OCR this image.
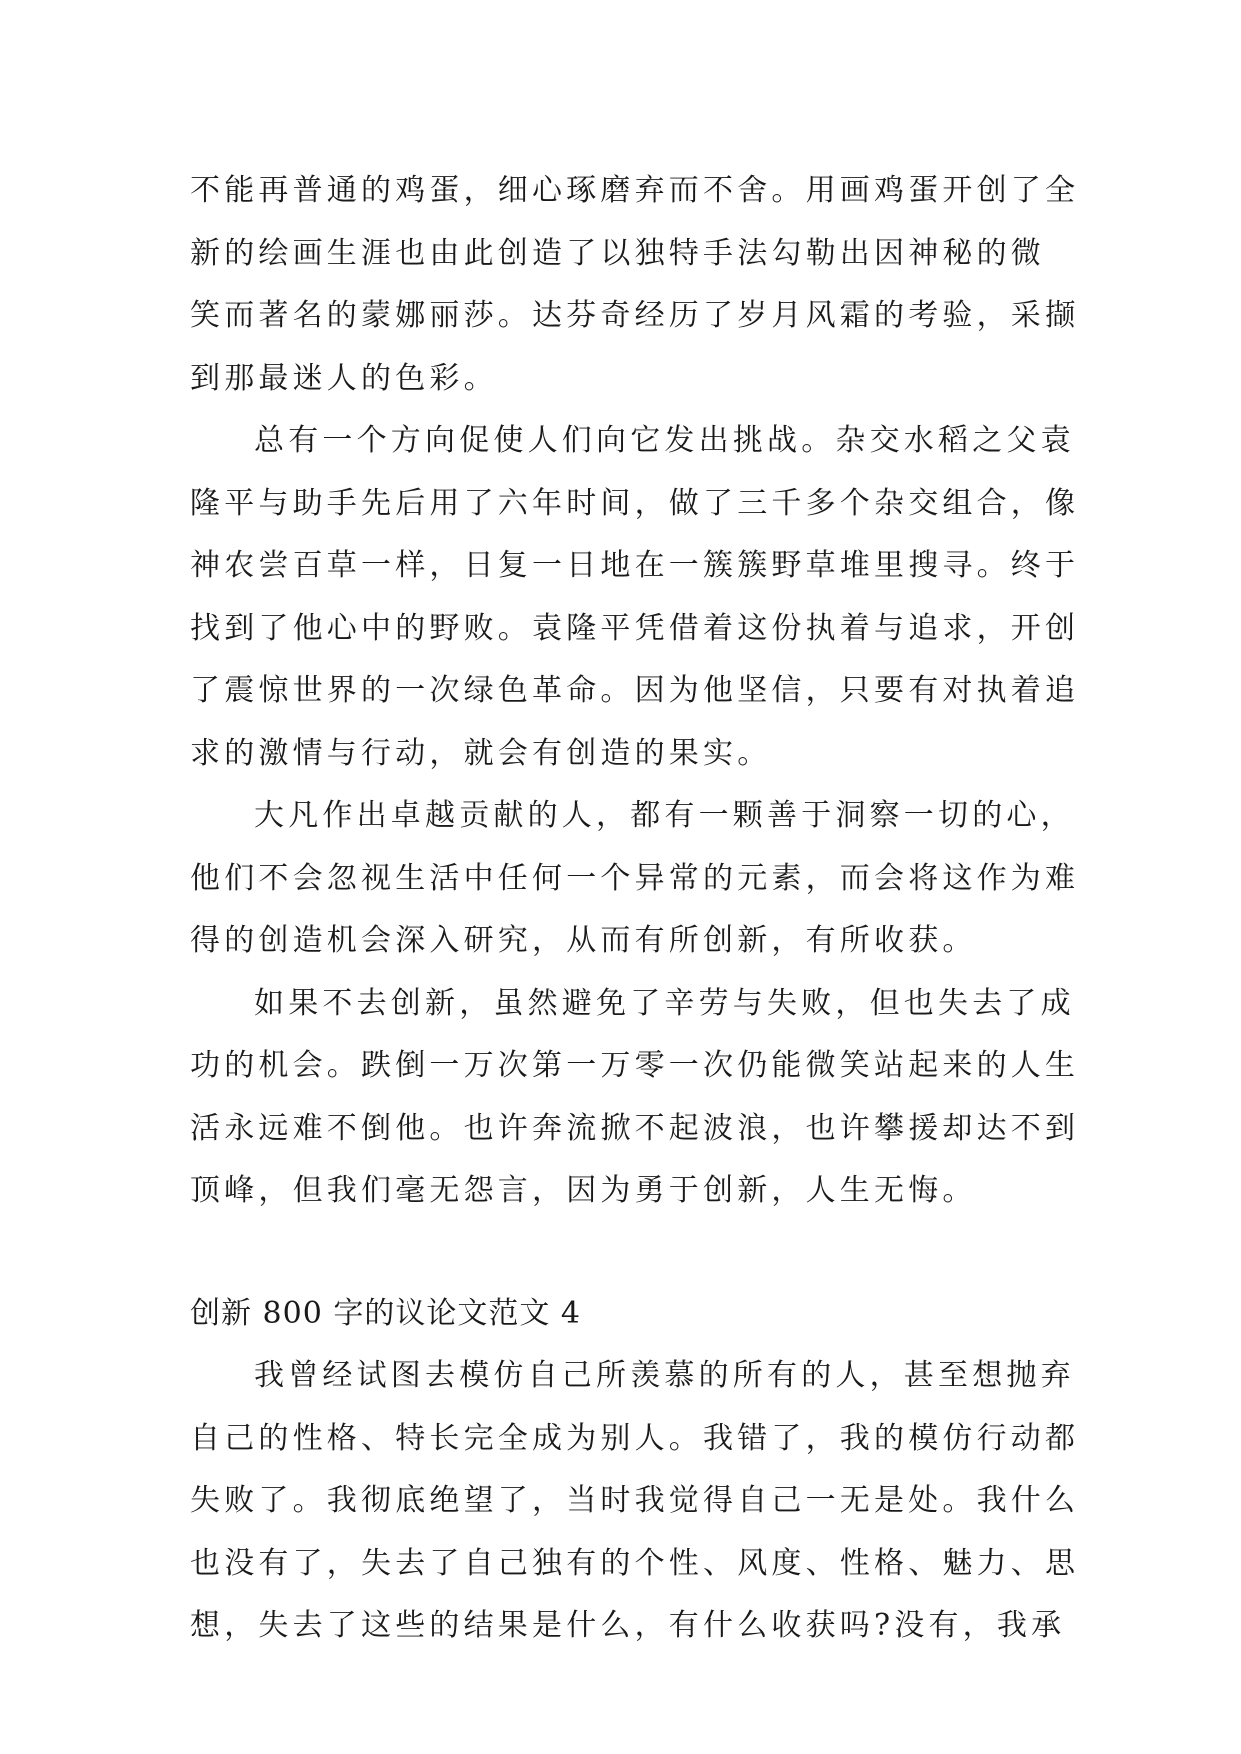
不能再普通的鸡蛋，细心琢磨弃而不舍。用画鸡蛋开创了全
新的绘画生涯也由此创造了以独特手法勾勒出因神秘的微
笑而著名的蒙娜丽莎。达芬奇经历了岁月风霜的考验，采撷
到那最迷人的色彩。
总有一个方向促使人们向它发出挑战。杂交水稻之父袁
隆平与助手先后用了六年时间，做了三千多个杂交组合，像
神农尝百草一样，日复一日地在一簇簇野草堆里搜寻。终于
找到了他心中的野败。袁隆平凭借着这份执着与追求，开创
了震惊世界的一次绿色革命。因为他坚信，只要有对执着追
求的激情与行动，就会有创造的果实。
大凡作出卓越贡献的人，都有一颗善于洞察一切的心，
他们不会忽视生活中任何一个异常的元素，而会将这作为难
得的创造机会深入研究，从而有所创新，有所收获。
如果不去创新，虽然避免了辛劳与失败，但也失去了成
功的机会。跌倒一万次第一万零一次仍能微笑站起来的人生
活永远难不倒他。也许奔流掀不起波浪，也许攀援却达不到
顶峰，但我们毫无怨言，因为勇于创新，人生无悔。
创新 800 字的议论文范文 4
我曾经试图去模仿自己所羡慕的所有的人，甚至想抛弃
自己的性格、特长完全成为别人。我错了，我的模仿行动都
失败了。我彻底绝望了，当时我觉得自己一无是处。我什么
也没有了，失去了自己独有的个性、风度、性格、魅力、思
想，失去了这些的结果是什么，有什么收获吗?没有，我承
